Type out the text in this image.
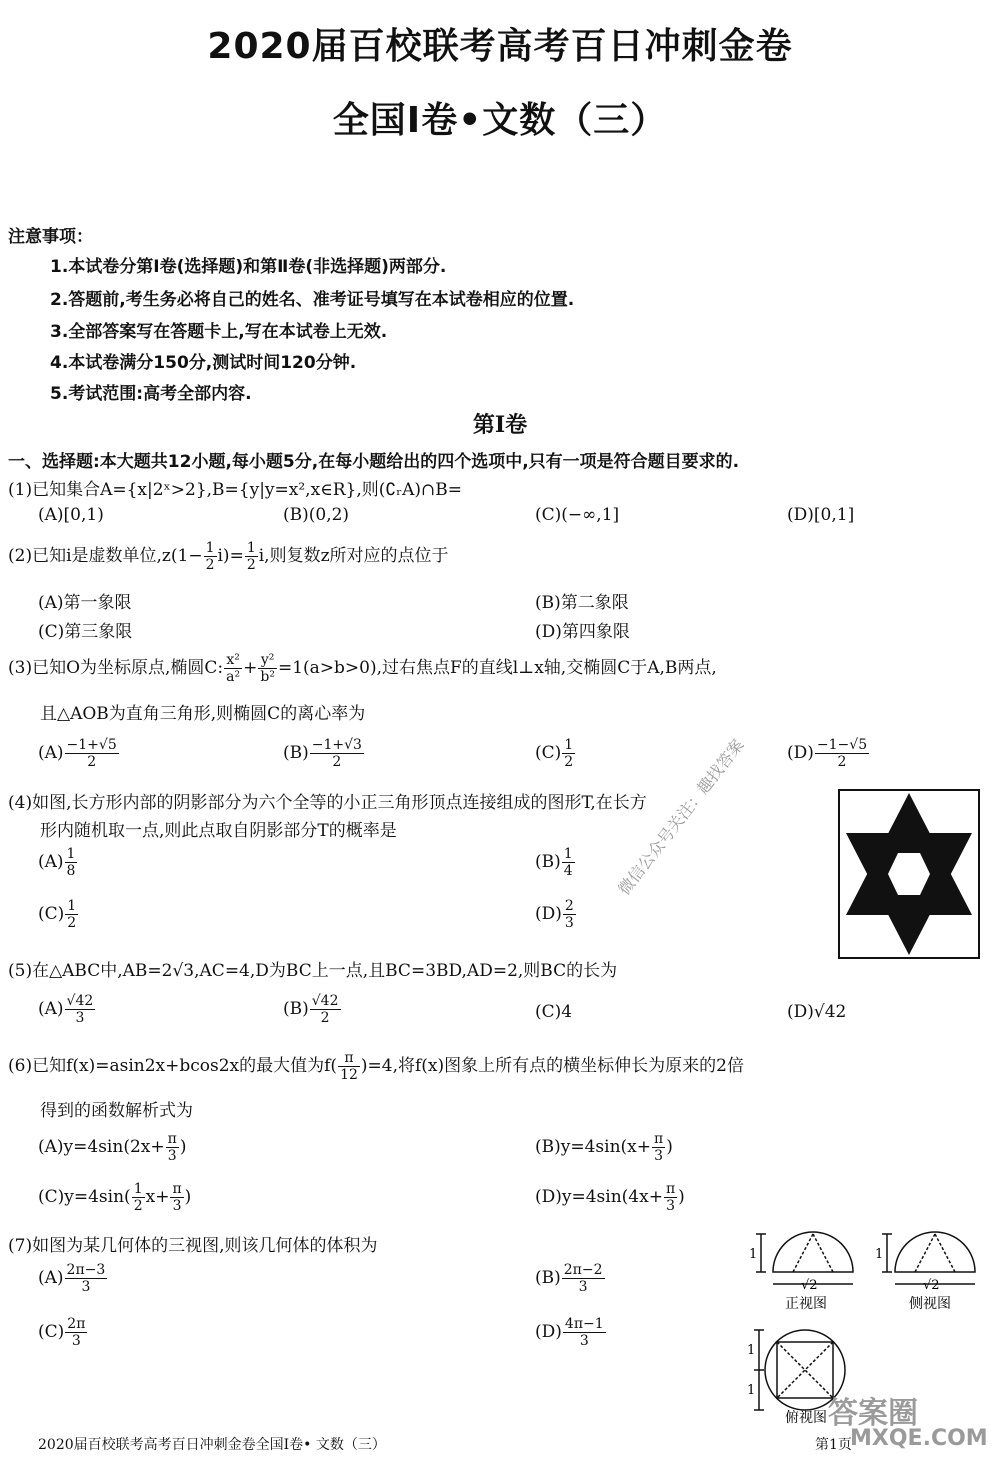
2020届百校联考高考百日冲刺金卷
全国Ⅰ卷•文数（三）
注意事项：
1.本试卷分第Ⅰ卷(选择题)和第Ⅱ卷(非选择题)两部分.
2.答题前,考生务必将自己的姓名、准考证号填写在本试卷相应的位置.
3.全部答案写在答题卡上,写在本试卷上无效.
4.本试卷满分150分,测试时间120分钟.
5.考试范围:高考全部内容.
第Ⅰ卷
一、选择题:本大题共12小题,每小题5分,在每小题给出的四个选项中,只有一项是符合题目要求的.
(1)已知集合A={x|2ˣ>2},B={y|y=x²,x∈R},则(∁ᵣA)∩B=
(A)[0,1)	(B)(0,2)	(C)(−∞,1]	(D)[0,1]
(2)已知i是虚数单位$,z(1- \frac{1}{2} i)= \frac{1}{2} i$,则复数z所对应的点位于
(A)第一象限	(B)第二象限
(C)第三象限	(D)第四象限
(3)已知O为坐标原点,椭圆C: $\frac{\text{x²}}{\text{a²}} + \frac{\text{y²}}{\text{b²}} =1(a>b>0)$,过右焦点F的直线l⊥x轴,交椭圆C于A,B两点,
且△AOB为直角三角形,则椭圆C的离心率为
$(A) \frac{-1+√5}{2}$	$(B) \frac{-1+√3}{2}$	$(C) \frac{1}{2}$	$(D) \frac{-1-√5}{2}$
(4)如图,长方形内部的阴影部分为六个全等的小正三角形顶点连接组成的图形T,在长方
形内随机取一点,则此点取自阴影部分T的概率是
$(A) \frac{1}{8}$	$(B) \frac{1}{4}$
$(C) \frac{1}{2}$	$(D) \frac{2}{3}$
(5)在△ABC中,AB=2√3,AC=4,D为BC上一点,且BC=3BD,AD=2,则BC的长为
$(A) \frac{√42}{3}$	$(B) \frac{√42}{2}$	(C)4	(D)√42
(6)已知f(x)=asin2x+bcos2x的最大值为$f( \frac{\pi}{12} )=4$,将f(x)图象上所有点的横坐标伸长为原来的2倍
得到的函数解析式为
$(A)y=4\sin(2x+ \frac{\pi}{3}$ )	$(B)y=4\sin(x+ \frac{\pi}{3}$ )
$(C)y=4\sin( \frac{1}{2} x+ \frac{\pi}{3}$ )	$(D)y=4\sin(4x+ \frac{\pi}{3}$ )
(7)如图为某几何体的三视图,则该几何体的体积为
$(A) \frac{2\pi-3}{3}$	$(B) \frac{2\pi-2}{3}$
$(C) \frac{2\pi}{3}$	$(D) \frac{4\pi-1}{3}$
1
√2
正视图
1
√2
侧视图
1
1
俯视图
微信公众号关注：趣找答案
2020届百校联考高考百日冲刺金卷全国Ⅰ卷• 文数（三）	第1页
答案圈
MXQE.COM
